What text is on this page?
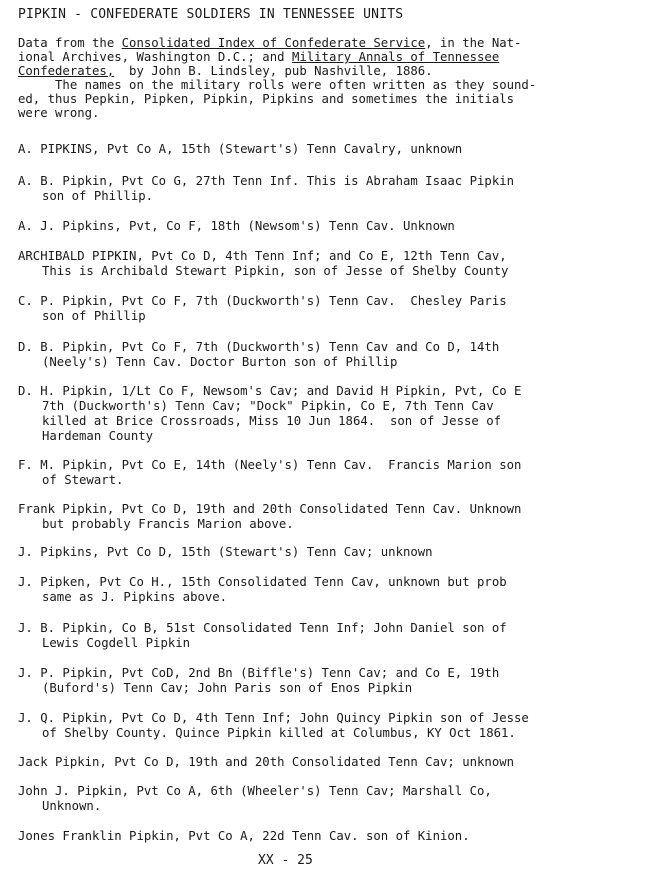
PIPKIN - CONFEDERATE SOLDIERS IN TENNESSEE UNITS
Data from the Consolidated Index of Confederate Service, in the Nat-
ional Archives, Washington D.C.; and Military Annals of Tennessee
Confederates,  by John B. Lindsley, pub Nashville, 1886.
The names on the military rolls were often written as they sound-
ed, thus Pepkin, Pipken, Pipkin, Pipkins and sometimes the initials
were wrong.
A. PIPKINS, Pvt Co A, 15th (Stewart's) Tenn Cavalry, unknown
A. B. Pipkin, Pvt Co G, 27th Tenn Inf. This is Abraham Isaac Pipkin
son of Phillip.
A. J. Pipkins, Pvt, Co F, 18th (Newsom's) Tenn Cav. Unknown
ARCHIBALD PIPKIN, Pvt Co D, 4th Tenn Inf; and Co E, 12th Tenn Cav,
This is Archibald Stewart Pipkin, son of Jesse of Shelby County
C. P. Pipkin, Pvt Co F, 7th (Duckworth's) Tenn Cav.  Chesley Paris
son of Phillip
D. B. Pipkin, Pvt Co F, 7th (Duckworth's) Tenn Cav and Co D, 14th
(Neely's) Tenn Cav. Doctor Burton son of Phillip
D. H. Pipkin, 1/Lt Co F, Newsom's Cav; and David H Pipkin, Pvt, Co E
7th (Duckworth's) Tenn Cav; "Dock" Pipkin, Co E, 7th Tenn Cav
killed at Brice Crossroads, Miss 10 Jun 1864.  son of Jesse of
Hardeman County
F. M. Pipkin, Pvt Co E, 14th (Neely's) Tenn Cav.  Francis Marion son
of Stewart.
Frank Pipkin, Pvt Co D, 19th and 20th Consolidated Tenn Cav. Unknown
but probably Francis Marion above.
J. Pipkins, Pvt Co D, 15th (Stewart's) Tenn Cav; unknown
J. Pipken, Pvt Co H., 15th Consolidated Tenn Cav, unknown but prob
same as J. Pipkins above.
J. B. Pipkin, Co B, 51st Consolidated Tenn Inf; John Daniel son of
Lewis Cogdell Pipkin
J. P. Pipkin, Pvt CoD, 2nd Bn (Biffle's) Tenn Cav; and Co E, 19th
(Buford's) Tenn Cav; John Paris son of Enos Pipkin
J. Q. Pipkin, Pvt Co D, 4th Tenn Inf; John Quincy Pipkin son of Jesse
of Shelby County. Quince Pipkin killed at Columbus, KY Oct 1861.
Jack Pipkin, Pvt Co D, 19th and 20th Consolidated Tenn Cav; unknown
John J. Pipkin, Pvt Co A, 6th (Wheeler's) Tenn Cav; Marshall Co,
Unknown.
Jones Franklin Pipkin, Pvt Co A, 22d Tenn Cav. son of Kinion.
XX - 25
